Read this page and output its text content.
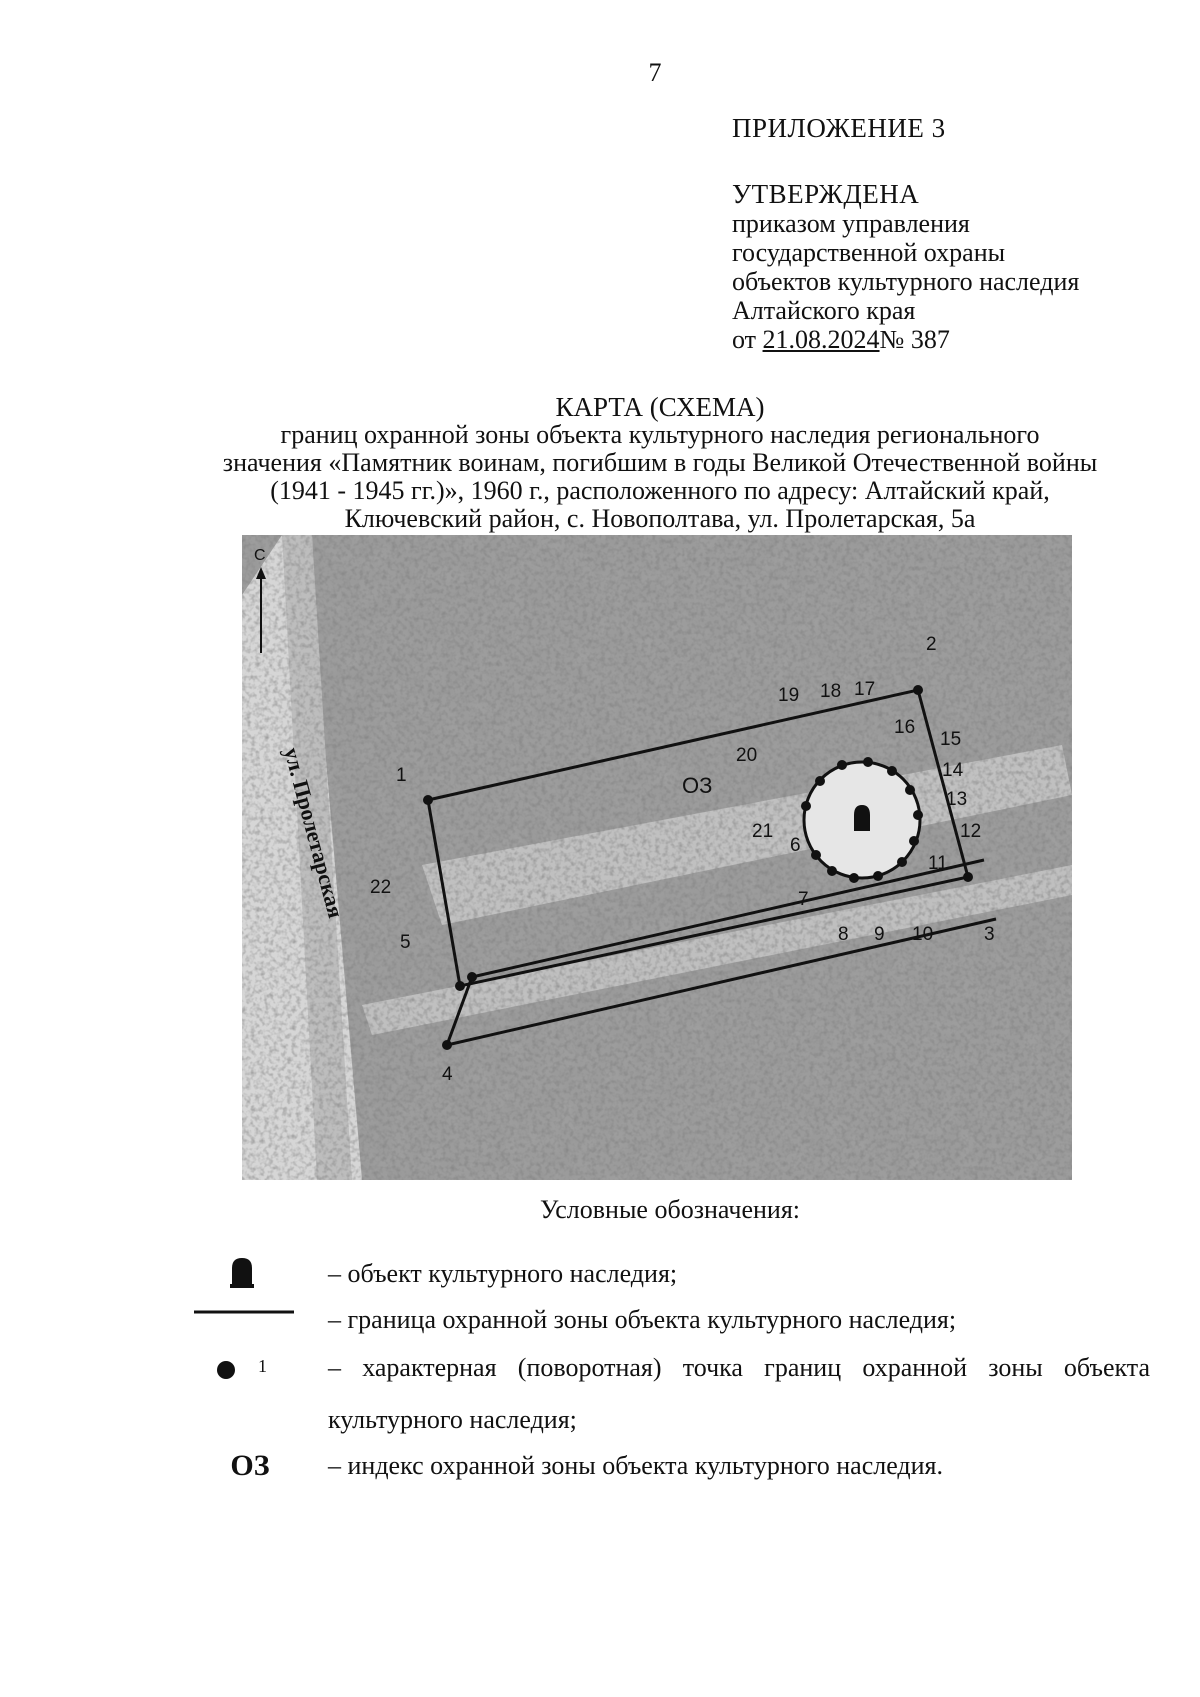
7
ПРИЛОЖЕНИЕ 3
УТВЕРЖДЕНА
приказом управления
государственной охраны
объектов культурного наследия
Алтайского края
от 21.08.2024№ 387
КАРТА (СХЕМА)
границ охранной зоны объекта культурного наследия регионального
значения «Памятник воинам, погибшим в годы Великой Отечественной войны
(1941 - 1945 гг.)», 1960 г., расположенного по адресу: Алтайский край,
Ключевский район, с. Новополтава, ул. Пролетарская, 5а
С
ул. Пролетарская	ОЗ
1
2
3
4
5
6
7
8 9 10
11
12
13
14
15
16
17
18
19
20
21
22
Условные обозначения:
– объект культурного наследия;
– граница охранной зоны объекта культурного наследия;
1 – характерная (поворотная) точка границ охранной зоны объекта
культурного наследия;
ОЗ	– индекс охранной зоны объекта культурного наследия.
